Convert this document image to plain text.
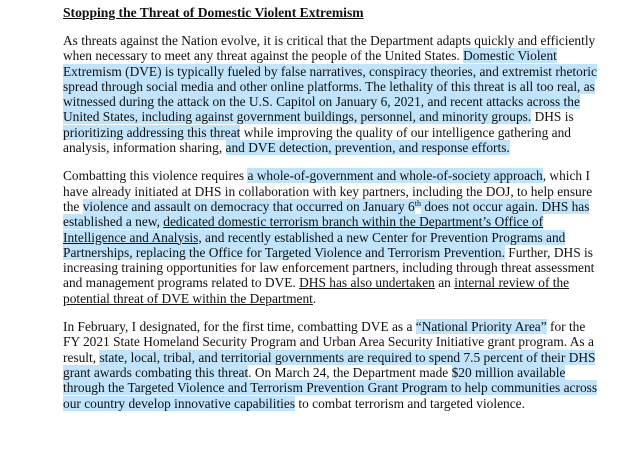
Stopping the Threat of Domestic Violent Extremism

As threats against the Nation evolve, it is critical that the Department adapts quickly and efficiently when necessary to meet any threat against the people of the United States. Domestic Violent Extremism (DVE) is typically fueled by false narratives, conspiracy theories, and extremist rhetoric spread through social media and other online platforms. The lethality of this threat is all too real, as witnessed during the attack on the U.S. Capitol on January 6, 2021, and recent attacks across the United States, including against government buildings, personnel, and minority groups. DHS is prioritizing addressing this threat while improving the quality of our intelligence gathering and analysis, information sharing, and DVE detection, prevention, and response efforts.

Combatting this violence requires a whole-of-government and whole-of-society approach, which I have already initiated at DHS in collaboration with key partners, including the DOJ, to help ensure the violence and assault on democracy that occurred on January 6th does not occur again. DHS has established a new, dedicated domestic terrorism branch within the Department’s Office of Intelligence and Analysis, and recently established a new Center for Prevention Programs and Partnerships, replacing the Office for Targeted Violence and Terrorism Prevention. Further, DHS is increasing training opportunities for law enforcement partners, including through threat assessment and management programs related to DVE. DHS has also undertaken an internal review of the potential threat of DVE within the Department.

In February, I designated, for the first time, combatting DVE as a “National Priority Area” for the FY 2021 State Homeland Security Program and Urban Area Security Initiative grant program. As a result, state, local, tribal, and territorial governments are required to spend 7.5 percent of their DHS grant awards combating this threat. On March 24, the Department made $20 million available through the Targeted Violence and Terrorism Prevention Grant Program to help communities across our country develop innovative capabilities to combat terrorism and targeted violence.
